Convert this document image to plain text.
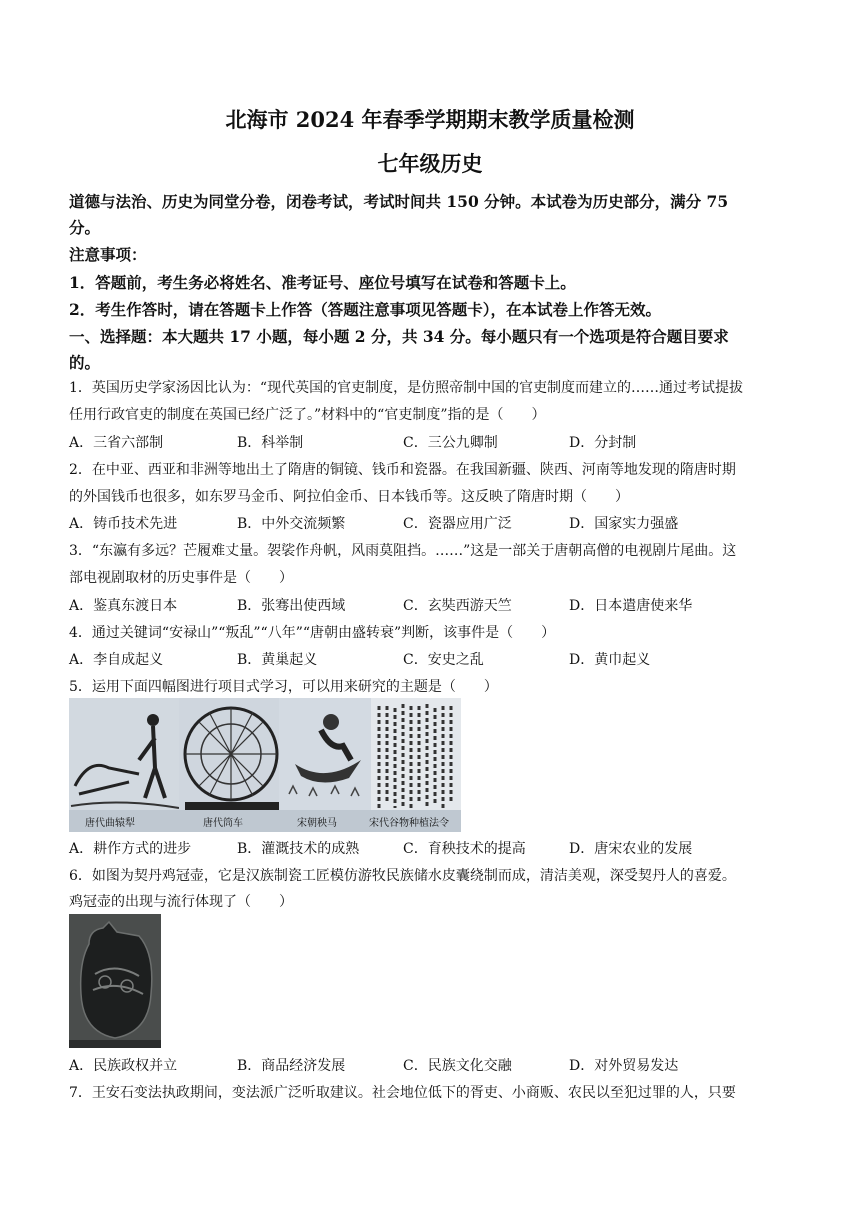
北海市 2024 年春季学期期末教学质量检测
七年级历史
道德与法治、历史为同堂分卷，闭卷考试，考试时间共 150 分钟。本试卷为历史部分，满分 75
分。
注意事项：
1．答题前，考生务必将姓名、准考证号、座位号填写在试卷和答题卡上。
2．考生作答时，请在答题卡上作答（答题注意事项见答题卡），在本试卷上作答无效。
一、选择题：本大题共 17 小题，每小题 2 分，共 34 分。每小题只有一个选项是符合题目要求
的。
1．英国历史学家汤因比认为：“现代英国的官吏制度，是仿照帝制中国的官吏制度而建立的……通过考试提拔
任用行政官吏的制度在英国已经广泛了。”材料中的“官吏制度”指的是（　　）
A．三省六部制	B．科举制	C．三公九卿制	D．分封制
2．在中亚、西亚和非洲等地出土了隋唐的铜镜、钱币和瓷器。在我国新疆、陕西、河南等地发现的隋唐时期
的外国钱币也很多，如东罗马金币、阿拉伯金币、日本钱币等。这反映了隋唐时期（　　）
A．铸币技术先进	B．中外交流频繁	C．瓷器应用广泛	D．国家实力强盛
3．“东瀛有多远？芒履难丈量。袈裟作舟帆，风雨莫阻挡。……”这是一部关于唐朝高僧的电视剧片尾曲。这
部电视剧取材的历史事件是（　　）
A．鉴真东渡日本	B．张骞出使西域	C．玄奘西游天竺	D．日本遣唐使来华
4．通过关键词“安禄山”“叛乱”“八年”“唐朝由盛转衰”判断，该事件是（　　）
A．李自成起义	B．黄巢起义	C．安史之乱	D．黄巾起义
5．运用下面四幅图进行项目式学习，可以用来研究的主题是（　　）
唐代曲辕犁	唐代筒车	宋朝秧马	宋代谷物种植法令
A．耕作方式的进步	B．灌溉技术的成熟	C．育秧技术的提高	D．唐宋农业的发展
6．如图为契丹鸡冠壶，它是汉族制瓷工匠模仿游牧民族储水皮囊绕制而成，清洁美观，深受契丹人的喜爱。
鸡冠壶的出现与流行体现了（　　）
A．民族政权并立	B．商品经济发展	C．民族文化交融	D．对外贸易发达
7．王安石变法执政期间，变法派广泛听取建议。社会地位低下的胥吏、小商贩、农民以至犯过罪的人，只要
